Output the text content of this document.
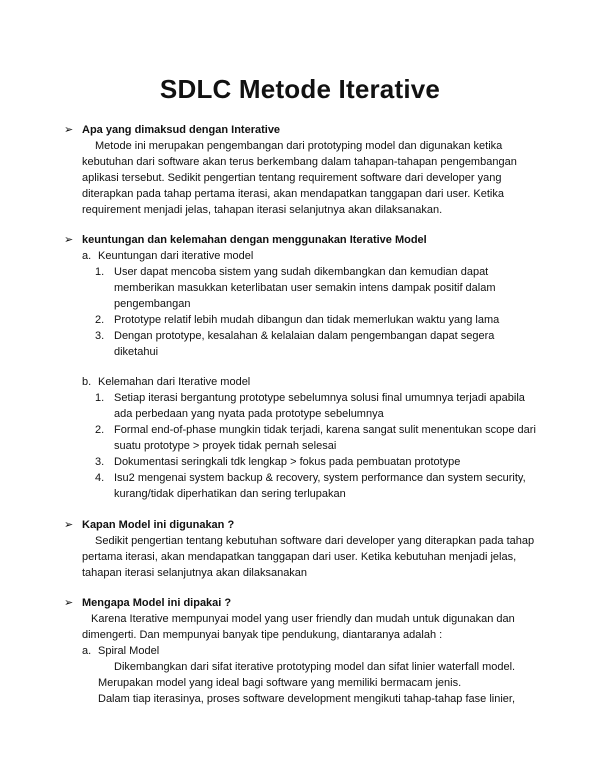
SDLC Metode Iterative
➢ Apa yang dimaksud dengan Interative
Metode ini merupakan pengembangan dari prototyping model dan digunakan ketika
kebutuhan dari software akan terus berkembang dalam tahapan-tahapan pengembangan
aplikasi tersebut. Sedikit pengertian tentang requirement software dari developer yang
diterapkan pada tahap pertama iterasi, akan mendapatkan tanggapan dari user. Ketika
requirement menjadi jelas, tahapan iterasi selanjutnya akan dilaksanakan.
➢ keuntungan dan kelemahan dengan menggunakan Iterative Model
a. Keuntungan dari iterative model
1. User dapat mencoba sistem yang sudah dikembangkan dan kemudian dapat
memberikan masukkan keterlibatan user semakin intens dampak positif dalam
pengembangan
2. Prototype relatif lebih mudah dibangun dan tidak memerlukan waktu yang lama
3. Dengan prototype, kesalahan & kelalaian dalam pengembangan dapat segera
diketahui
b. Kelemahan dari Iterative model
1. Setiap iterasi bergantung prototype sebelumnya solusi final umumnya terjadi apabila
ada perbedaan yang nyata pada prototype sebelumnya
2. Formal end-of-phase mungkin tidak terjadi, karena sangat sulit menentukan scope dari
suatu prototype > proyek tidak pernah selesai
3. Dokumentasi seringkali tdk lengkap > fokus pada pembuatan prototype
4. Isu2 mengenai system backup & recovery, system performance dan system security,
kurang/tidak diperhatikan dan sering terlupakan
➢ Kapan Model ini digunakan ?
Sedikit pengertian tentang kebutuhan software dari developer yang diterapkan pada tahap
pertama iterasi, akan mendapatkan tanggapan dari user. Ketika kebutuhan menjadi jelas,
tahapan iterasi selanjutnya akan dilaksanakan
➢ Mengapa Model ini dipakai ?
Karena Iterative mempunyai model yang user friendly dan mudah untuk digunakan dan
dimengerti. Dan mempunyai banyak tipe pendukung, diantaranya adalah :
a. Spiral Model
Dikembangkan dari sifat iterative prototyping model dan sifat linier waterfall model.
Merupakan model yang ideal bagi software yang memiliki bermacam jenis.
Dalam tiap iterasinya, proses software development mengikuti tahap-tahap fase linier,
